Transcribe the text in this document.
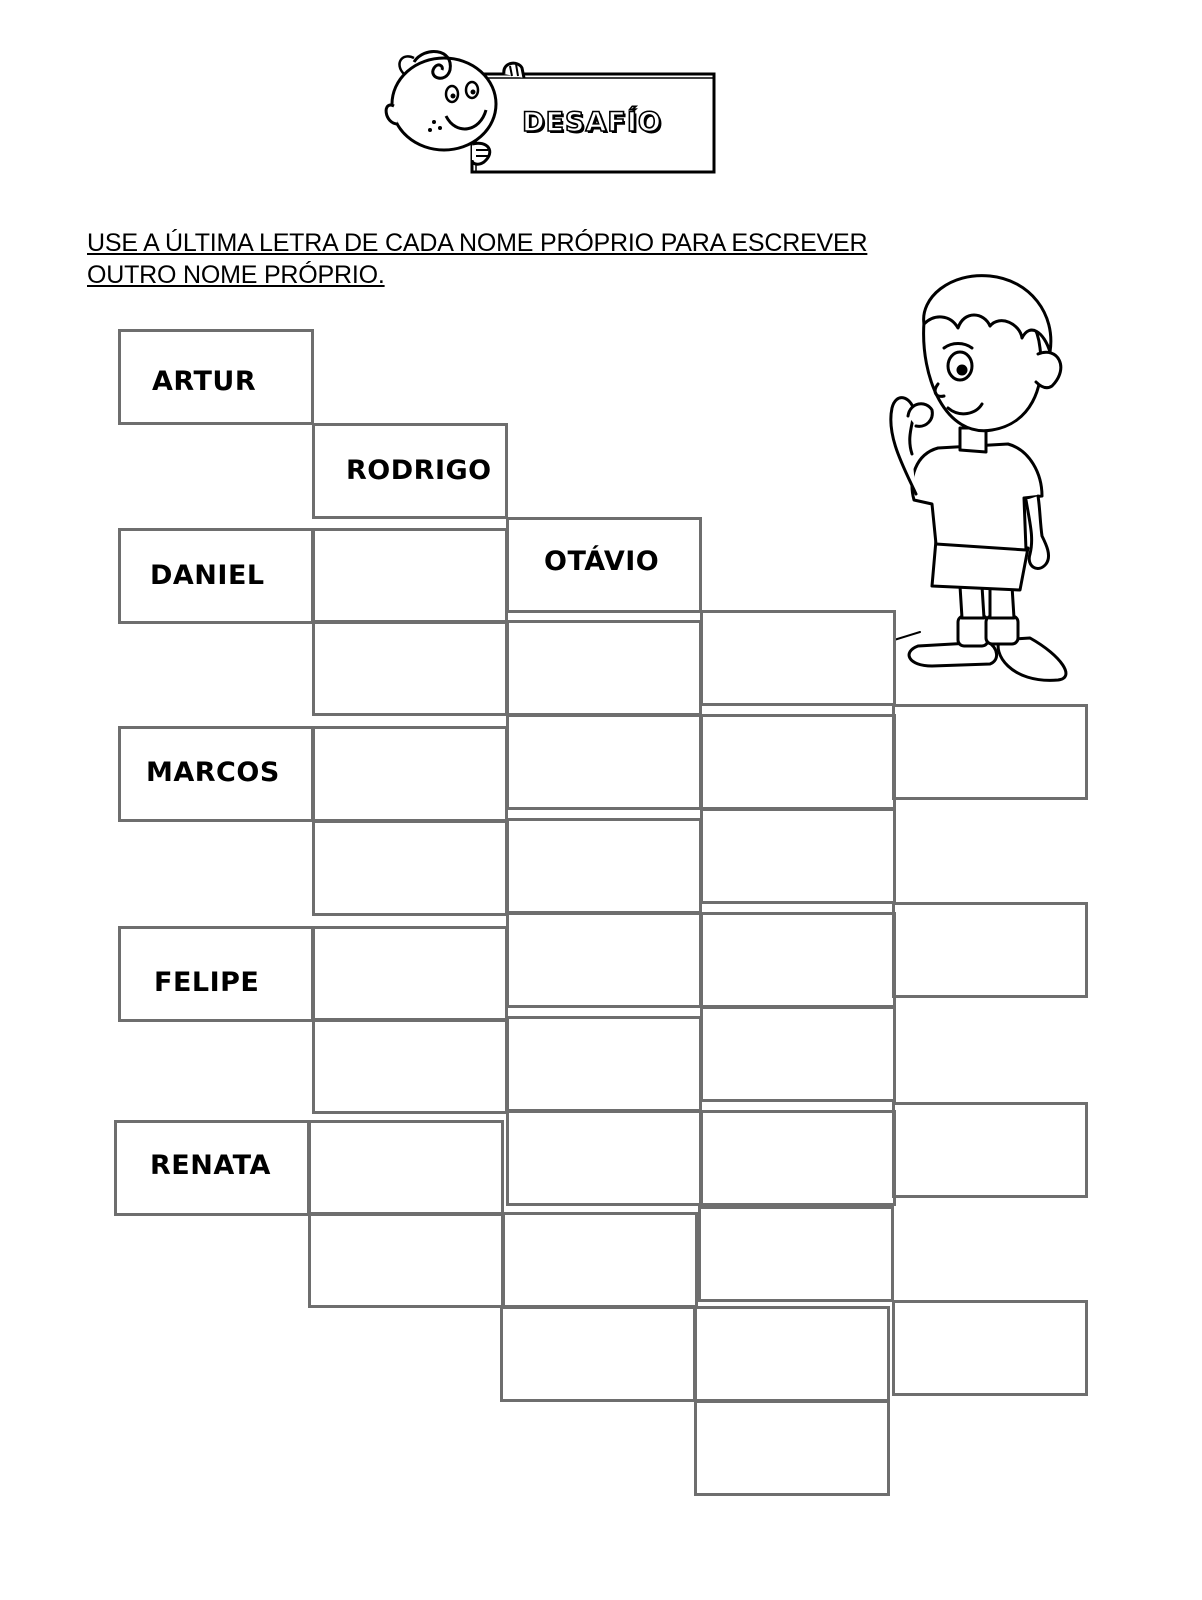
DESAFÍO
USE A ÚLTIMA LETRA DE CADA NOME PRÓPRIO PARA ESCREVER
OUTRO NOME PRÓPRIO.
ARTUR
RODRIGO
OTÁVIO
DANIEL
MARCOS
FELIPE
RENATA
